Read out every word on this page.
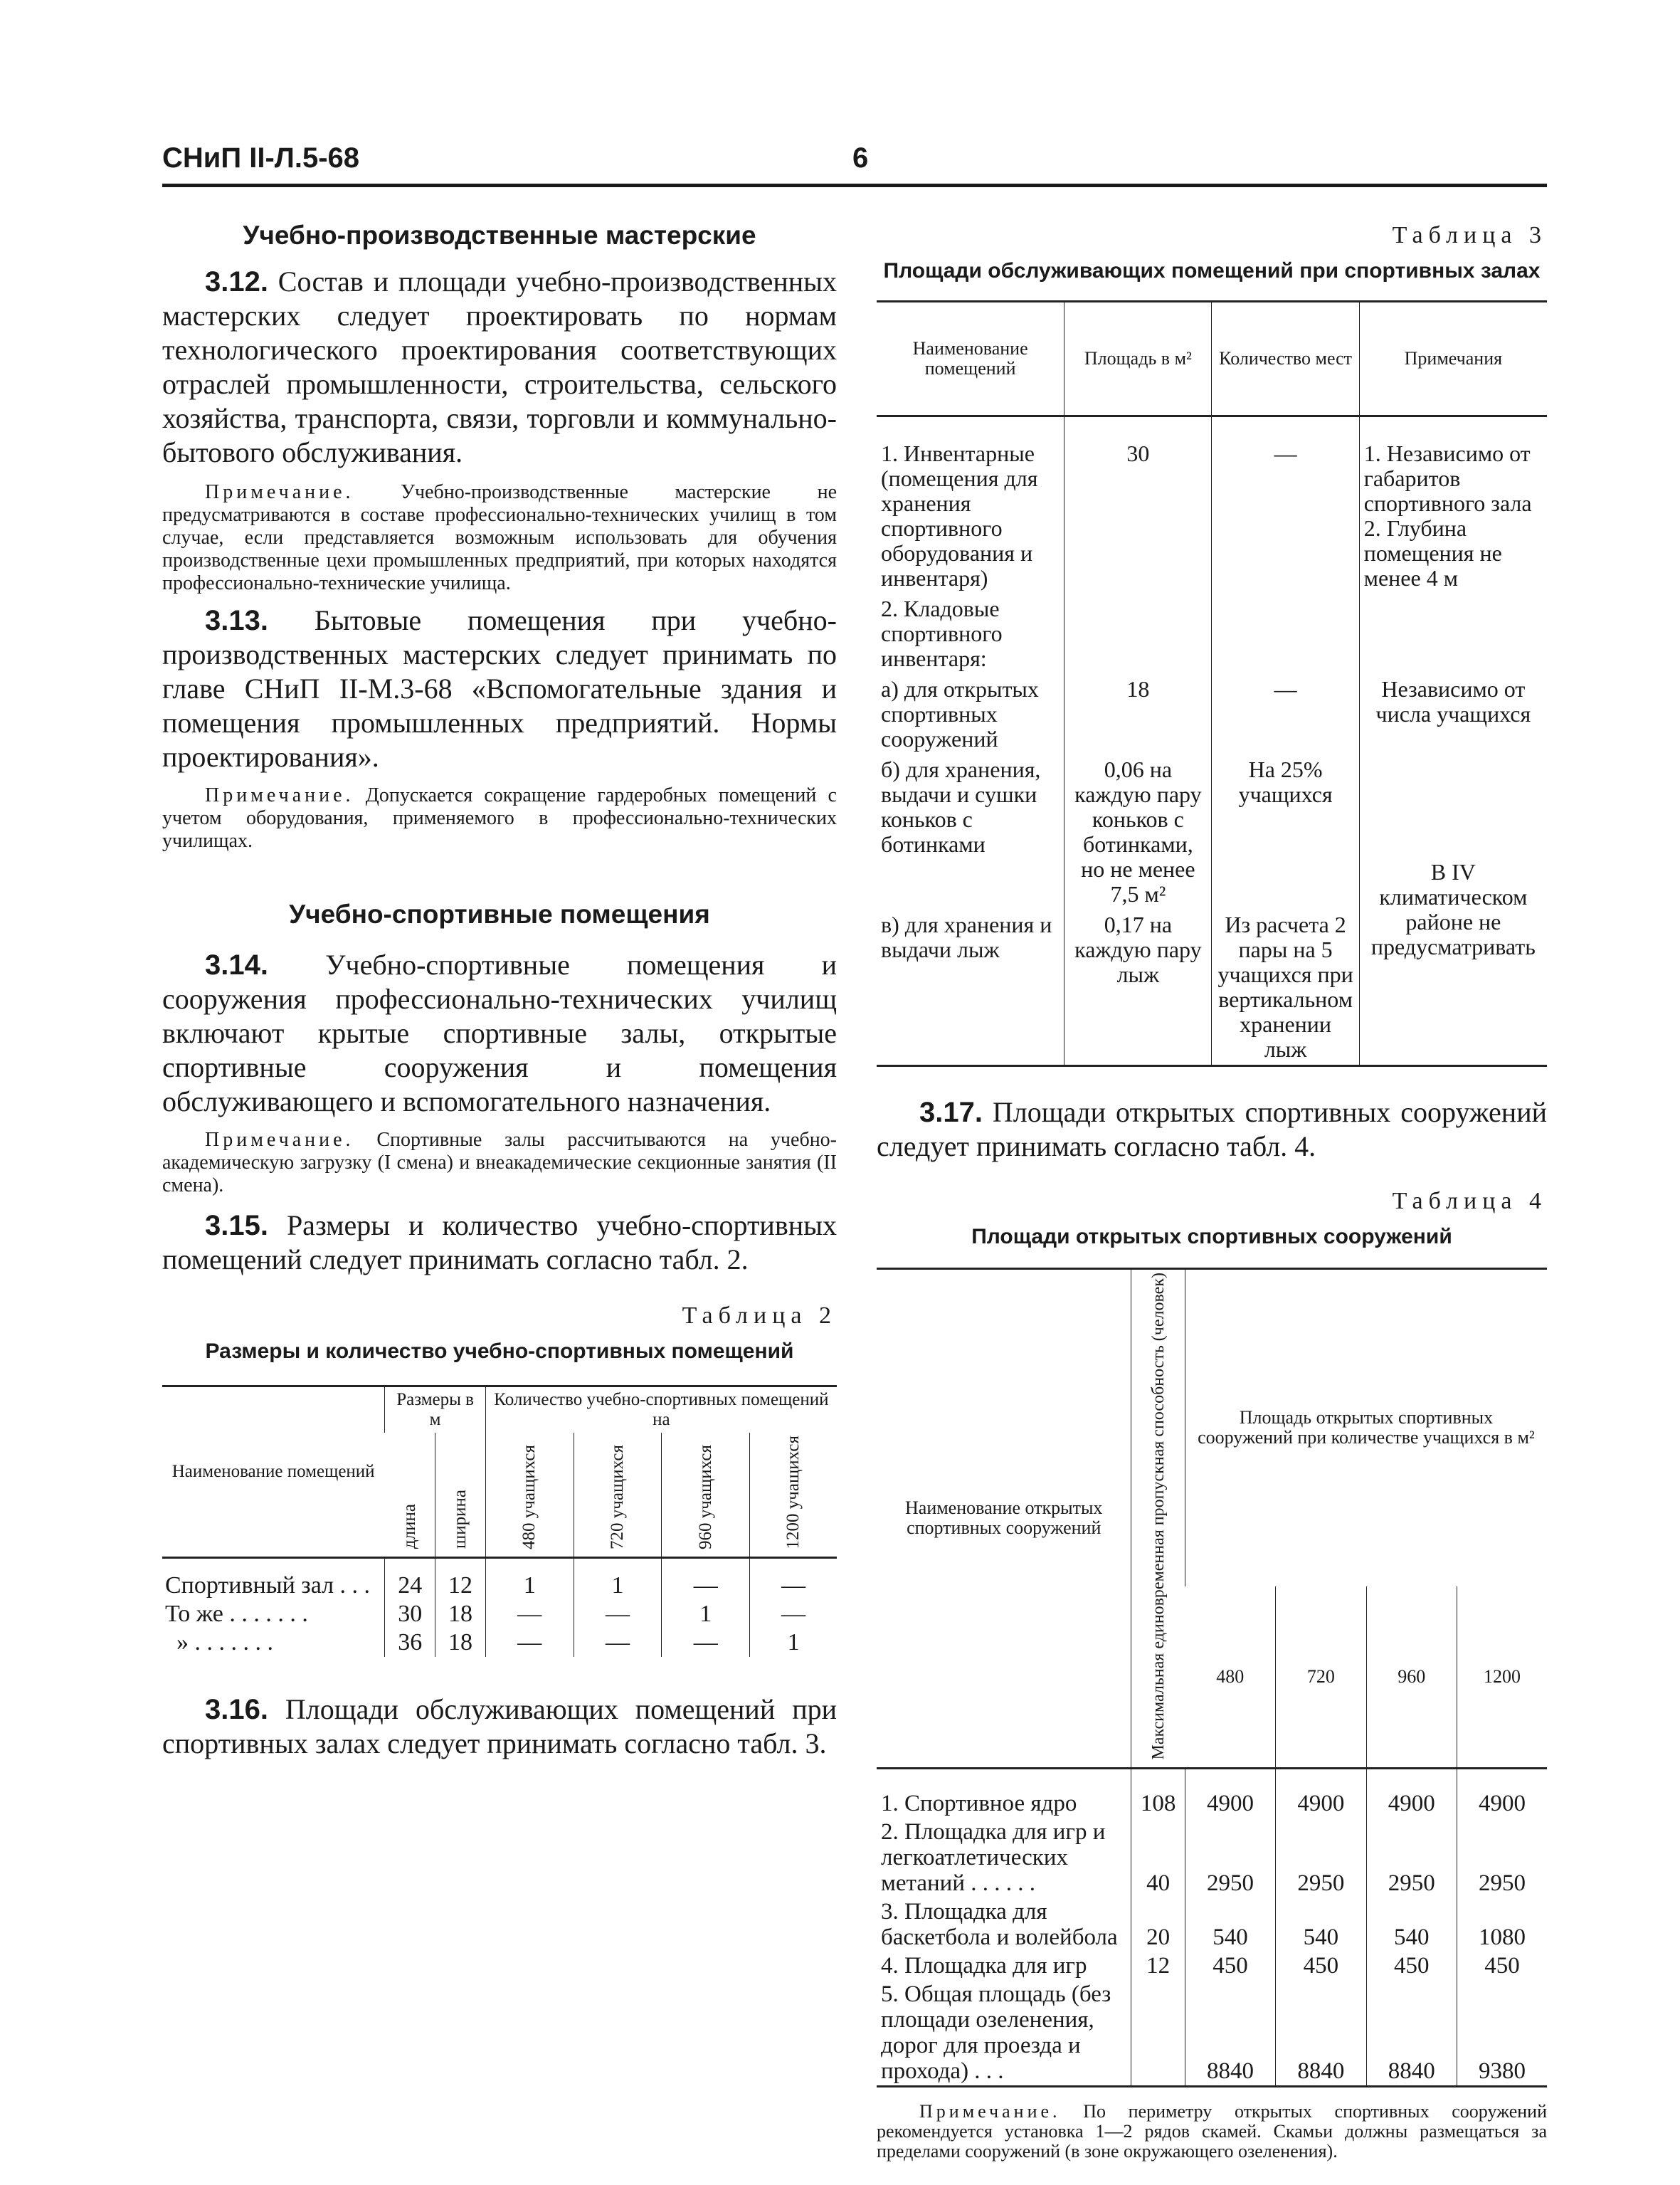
СНиП II-Л.5-68	6
Учебно-производственные мастерские

3.12. Состав и площади учебно-производственных мастерских следует проектировать по нормам технологического проектирования соответствующих отраслей промышленности, строительства, сельского хозяйства, транспорта, связи, торговли и коммунально-бытового обслуживания.

Примечание. Учебно-производственные мастерские не предусматриваются в составе профессионально-технических училищ в том случае, если представляется возможным использовать для обучения производственные цехи промышленных предприятий, при которых находятся профессионально-технические училища.

3.13. Бытовые помещения при учебно-производственных мастерских следует принимать по главе СНиП II-М.3-68 «Вспомогательные здания и помещения промышленных предприятий. Нормы проектирования».

Примечание. Допускается сокращение гардеробных помещений с учетом оборудования, применяемого в профессионально-технических училищах.

Учебно-спортивные помещения

3.14. Учебно-спортивные помещения и сооружения профессионально-технических училищ включают крытые спортивные залы, открытые спортивные сооружения и помещения обслуживающего и вспомогательного назначения.

Примечание. Спортивные залы рассчитываются на учебно-академическую загрузку (I смена) и внеакадемические секционные занятия (II смена).

3.15. Размеры и количество учебно-спортивных помещений следует принимать согласно табл. 2.

Таблица 2

Размеры и количество учебно-спортивных помещений

Наименование помещений	Размеры в м		Количество учебно-спортивных помещений на			
	длина	ширина	480 учащихся	720 учащихся	960 учащихся	1200 учащихся
Спортивный зал . . .	24	12	1	1	—	—
То же . . . . . . .	30	18	—	—	1	—
» . . . . . . .	36	18	—	—	—	1

3.16. Площади обслуживающих помещений при спортивных залах следует принимать согласно табл. 3.

Таблица 3

Площади обслуживающих помещений при спортивных залах

Наименование помещений	Площадь в м²	Количество мест	Примечания
1. Инвентарные (помещения для хранения спортивного оборудования и инвентаря)	30	—	1. Независимо от габаритов спортивного зала 2. Глубина помещения не менее 4 м
2. Кладовые спортивного инвентаря:			
а) для открытых спортивных сооружений	18	—	Независимо от числа учащихся
б) для хранения, выдачи и сушки коньков с ботинками	0,06 на каждую пару коньков с ботинками, но не менее 7,5 м²	На 25% учащихся	В IV климатическом районе не предусматривать
в) для хранения и выдачи лыж	0,17 на каждую пару лыж	Из расчета 2 пары на 5 учащихся при вертикальном хранении лыж	

3.17. Площади открытых спортивных сооружений следует принимать согласно табл. 4.

Таблица 4

Площади открытых спортивных сооружений

Наименование открытых спортивных сооружений	Максимальная единовременная пропускная способность (человек)	Площадь открытых спортивных сооружений при количестве учащихся в м²			
		480	720	960	1200
1. Спортивное ядро	108	4900	4900	4900	4900
2. Площадка для игр и легкоатлетических метаний . . . . . .	40	2950	2950	2950	2950
3. Площадка для баскетбола и волейбола	20	540	540	540	1080
4. Площадка для игр	12	450	450	450	450
5. Общая площадь (без площади озеленения, дорог для проезда и прохода) . . .		8840	8840	8840	9380

Примечание. По периметру открытых спортивных сооружений рекомендуется установка 1—2 рядов скамей. Скамьи должны размещаться за пределами сооружений (в зоне окружающего озеленения).
